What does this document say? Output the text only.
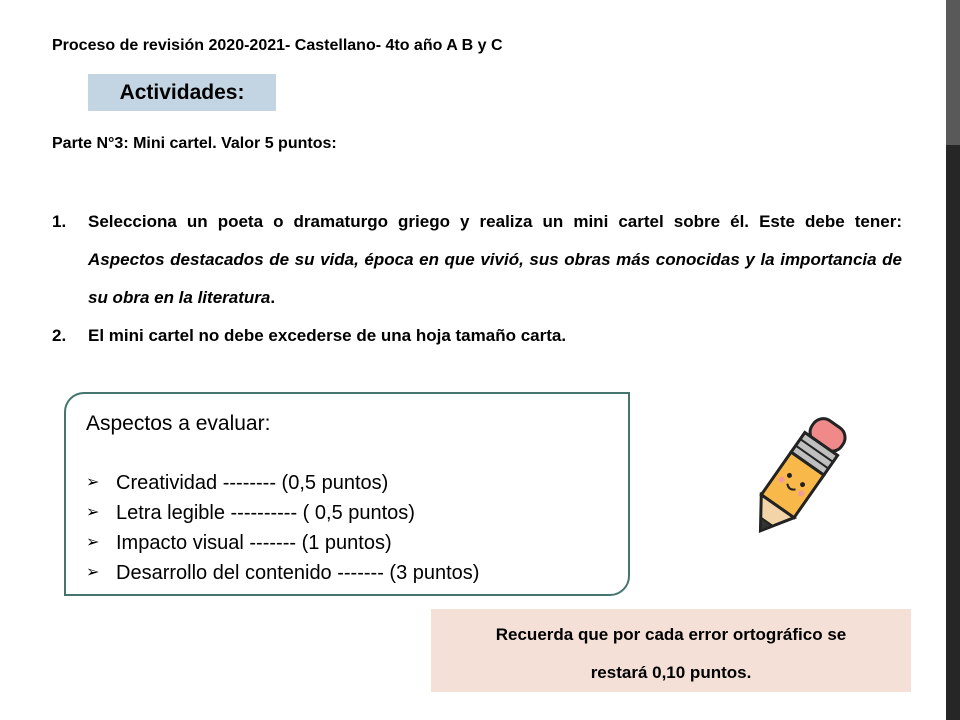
Proceso de revisión 2020-2021- Castellano- 4to año A B y C
Actividades:
Parte N°3: Mini cartel. Valor 5 puntos:
1.	Selecciona un poeta o dramaturgo griego y realiza un mini cartel sobre él. Este debe tener: Aspectos destacados de su vida, época en que vivió, sus obras más conocidas y la importancia de su obra en la literatura.
2.	El mini cartel no debe excederse de una hoja tamaño carta.
Aspectos a evaluar:
➢ Creatividad -------- (0,5 puntos)
➢ Letra legible ---------- ( 0,5 puntos)
➢ Impacto visual ------- (1 puntos)
➢ Desarrollo del contenido ------- (3 puntos)
Recuerda que por cada error ortográfico se
restará 0,10 puntos.
